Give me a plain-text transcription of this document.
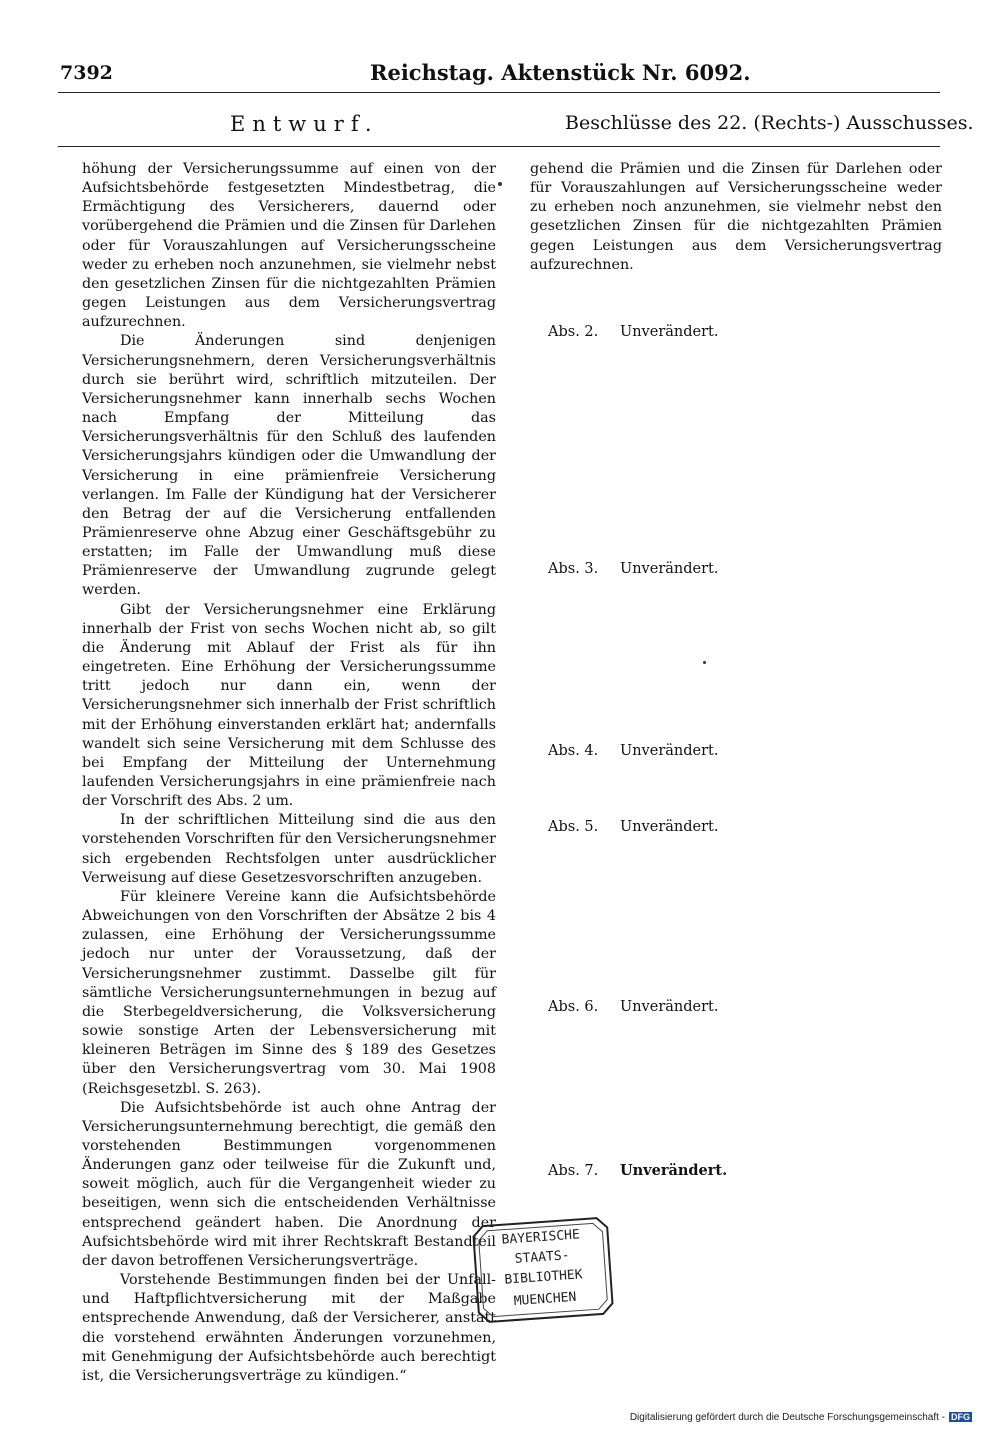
7392	Reichstag. Aktenstück Nr. 6092.
Entwurf.	Beschlüsse des 22. (Rechts-) Ausschusses.

höhung der Versicherungssumme auf einen von der Aufsichtsbehörde festgesetzten Mindestbetrag, die Ermächtigung des Versicherers, dauernd oder vorübergehend die Prämien und die Zinsen für Darlehen oder für Vorauszahlungen auf Versicherungsscheine weder zu erheben noch anzunehmen, sie vielmehr nebst den gesetzlichen Zinsen für die nichtgezahlten Prämien gegen Leistungen aus dem Versicherungsvertrag aufzurechnen.

Die Änderungen sind denjenigen Versicherungsnehmern, deren Versicherungsverhältnis durch sie berührt wird, schriftlich mitzuteilen. Der Versicherungsnehmer kann innerhalb sechs Wochen nach Empfang der Mitteilung das Versicherungsverhältnis für den Schluß des laufenden Versicherungsjahrs kündigen oder die Umwandlung der Versicherung in eine prämienfreie Versicherung verlangen. Im Falle der Kündigung hat der Versicherer den Betrag der auf die Versicherung entfallenden Prämienreserve ohne Abzug einer Geschäftsgebühr zu erstatten; im Falle der Umwandlung muß diese Prämienreserve der Umwandlung zugrunde gelegt werden.

Gibt der Versicherungsnehmer eine Erklärung innerhalb der Frist von sechs Wochen nicht ab, so gilt die Änderung mit Ablauf der Frist als für ihn eingetreten. Eine Erhöhung der Versicherungssumme tritt jedoch nur dann ein, wenn der Versicherungsnehmer sich innerhalb der Frist schriftlich mit der Erhöhung einverstanden erklärt hat; andernfalls wandelt sich seine Versicherung mit dem Schlusse des bei Empfang der Mitteilung der Unternehmung laufenden Versicherungsjahrs in eine prämienfreie nach der Vorschrift des Abs. 2 um.

In der schriftlichen Mitteilung sind die aus den vorstehenden Vorschriften für den Versicherungsnehmer sich ergebenden Rechtsfolgen unter ausdrücklicher Verweisung auf diese Gesetzesvorschriften anzugeben.

Für kleinere Vereine kann die Aufsichtsbehörde Abweichungen von den Vorschriften der Absätze 2 bis 4 zulassen, eine Erhöhung der Versicherungssumme jedoch nur unter der Voraussetzung, daß der Versicherungsnehmer zustimmt. Dasselbe gilt für sämtliche Versicherungsunternehmungen in bezug auf die Sterbegeldversicherung, die Volksversicherung sowie sonstige Arten der Lebensversicherung mit kleineren Beträgen im Sinne des § 189 des Gesetzes über den Versicherungsvertrag vom 30. Mai 1908 (Reichsgesetzbl. S. 263).

Die Aufsichtsbehörde ist auch ohne Antrag der Versicherungsunternehmung berechtigt, die gemäß den vorstehenden Bestimmungen vorgenommenen Änderungen ganz oder teilweise für die Zukunft und, soweit möglich, auch für die Vergangenheit wieder zu beseitigen, wenn sich die entscheidenden Verhältnisse entsprechend geändert haben. Die Anordnung der Aufsichtsbehörde wird mit ihrer Rechtskraft Bestandteil der davon betroffenen Versicherungsverträge.

Vorstehende Bestimmungen finden bei der Unfall- und Haftpflichtversicherung mit der Maßgabe entsprechende Anwendung, daß der Versicherer, anstatt die vorstehend erwähnten Änderungen vorzunehmen, mit Genehmigung der Aufsichtsbehörde auch berechtigt ist, die Versicherungsverträge zu kündigen.“

gehend die Prämien und die Zinsen für Darlehen oder für Vorauszahlungen auf Versicherungsscheine weder zu erheben noch anzunehmen, sie vielmehr nebst den gesetzlichen Zinsen für die nichtgezahlten Prämien gegen Leistungen aus dem Versicherungsvertrag aufzurechnen.

Abs. 2. Unverändert.
Abs. 3. Unverändert.
Abs. 4. Unverändert.
Abs. 5. Unverändert.
Abs. 6. Unverändert.
Abs. 7. Unverändert.
BAYERISCHE
STAATS-
BIBLIOTHEK
MUENCHEN
Digitalisierung gefördert durch die Deutsche Forschungsgemeinschaft - DFG
